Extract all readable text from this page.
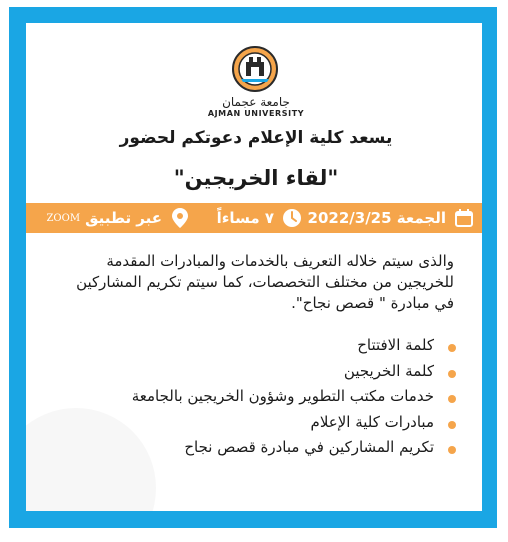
جامعة عجمان
AJMAN UNIVERSITY
يسعد كلية الإعلام دعوتكم لحضور
"لقاء الخريجين"
الجمعة 2022/3/25
٧ مساءاً
عبر تطبيق
ZOOM
والذى سيتم خلاله التعريف بالخدمات والمبادرات المقدمة للخريجين من مختلف التخصصات، كما سيتم تكريم المشاركين في مبادرة " قصص نجاح".
كلمة الافتتاح
كلمة الخريجين
خدمات مكتب التطوير وشؤون الخريجين بالجامعة
مبادرات كلية الإعلام
تكريم المشاركين في مبادرة قصص نجاح
